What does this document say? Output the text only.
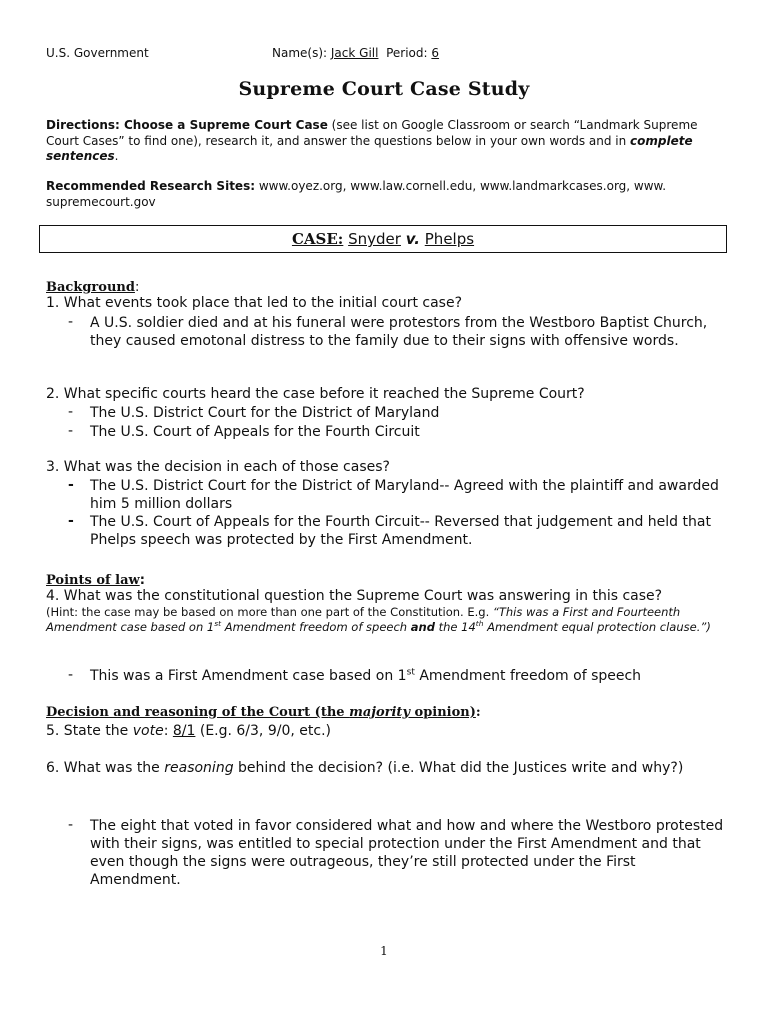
U.S. Government	Name(s): Jack Gill Period: 6
Supreme Court Case Study
Directions: Choose a Supreme Court Case (see list on Google Classroom or search “Landmark Supreme Court Cases” to find one), research it, and answer the questions below in your own words and in complete sentences.
Recommended Research Sites: www.oyez.org, www.law.cornell.edu, www.landmarkcases.org, www. supremecourt.gov
CASE: Snyder v. Phelps
Background:
1. What events took place that led to the initial court case?
- A U.S. soldier died and at his funeral were protestors from the Westboro Baptist Church, they caused emotonal distress to the family due to their signs with offensive words.
2. What specific courts heard the case before it reached the Supreme Court?
- The U.S. District Court for the District of Maryland
- The U.S. Court of Appeals for the Fourth Circuit
3. What was the decision in each of those cases?
- The U.S. District Court for the District of Maryland-- Agreed with the plaintiff and awarded him 5 million dollars
- The U.S. Court of Appeals for the Fourth Circuit-- Reversed that judgement and held that Phelps speech was protected by the First Amendment.
Points of law:
4. What was the constitutional question the Supreme Court was answering in this case?
(Hint: the case may be based on more than one part of the Constitution. E.g. “This was a First and Fourteenth Amendment case based on 1st Amendment freedom of speech and the 14th Amendment equal protection clause.”)
- This was a First Amendment case based on 1st Amendment freedom of speech
Decision and reasoning of the Court (the majority opinion):
5. State the vote: 8/1 (E.g. 6/3, 9/0, etc.)
6. What was the reasoning behind the decision? (i.e. What did the Justices write and why?)
- The eight that voted in favor considered what and how and where the Westboro protested with their signs, was entitled to special protection under the First Amendment and that even though the signs were outrageous, they’re still protected under the First Amendment.
1
